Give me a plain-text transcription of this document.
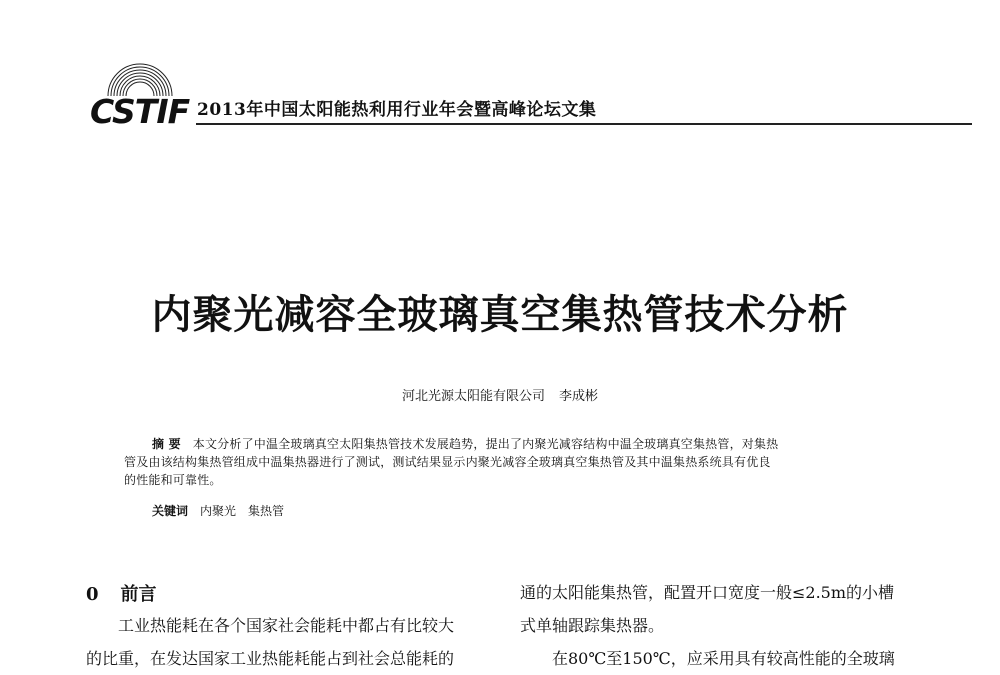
CSTIF 2013年中国太阳能热利用行业年会暨高峰论坛文集
内聚光减容全玻璃真空集热管技术分析
河北光源太阳能有限公司 李成彬
摘 要 本文分析了中温全玻璃真空太阳集热管技术发展趋势，提出了内聚光减容结构中温全玻璃真空集热管，对集热
管及由该结构集热管组成中温集热器进行了测试，测试结果显示内聚光减容全玻璃真空集热管及其中温集热系统具有优良
的性能和可靠性。
关键词 内聚光　集热管
0 前言
工业热能耗在各个国家社会能耗中都占有比较大
的比重，在发达国家工业热能耗能占到社会总能耗的
通的太阳能集热管，配置开口宽度一般≤2.5m的小槽
式单轴跟踪集热器。
在80℃至150℃，应采用具有较高性能的全玻璃
